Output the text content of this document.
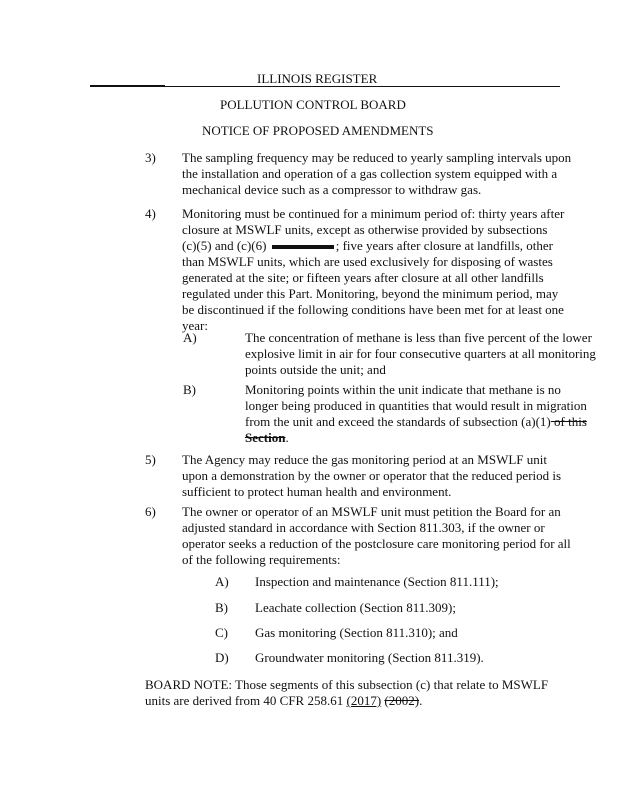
ILLINOIS REGISTER
POLLUTION CONTROL BOARD
NOTICE OF PROPOSED AMENDMENTS
3) The sampling frequency may be reduced to yearly sampling intervals upon
the installation and operation of a gas collection system equipped with a
mechanical device such as a compressor to withdraw gas.
4) Monitoring must be continued for a minimum period of: thirty years after
closure at MSWLF units, except as otherwise provided by subsections
(c)(5) and (c)(6)	; five years after closure at landfills, other
than MSWLF units, which are used exclusively for disposing of wastes
generated at the site; or fifteen years after closure at all other landfills
regulated under this Part. Monitoring, beyond the minimum period, may
be discontinued if the following conditions have been met for at least one
year:
A)	The concentration of methane is less than five percent of the lower
explosive limit in air for four consecutive quarters at all monitoring
points outside the unit; and
B)	Monitoring points within the unit indicate that methane is no
longer being produced in quantities that would result in migration
from the unit and exceed the standards of subsection (a)(1) of this
Section.
5) The Agency may reduce the gas monitoring period at an MSWLF unit
upon a demonstration by the owner or operator that the reduced period is
sufficient to protect human health and environment.
6) The owner or operator of an MSWLF unit must petition the Board for an
adjusted standard in accordance with Section 811.303, if the owner or
operator seeks a reduction of the postclosure care monitoring period for all
of the following requirements:
A) Inspection and maintenance (Section 811.111);
B) Leachate collection (Section 811.309);
C) Gas monitoring (Section 811.310); and
D) Groundwater monitoring (Section 811.319).
BOARD NOTE: Those segments of this subsection (c) that relate to MSWLF
units are derived from 40 CFR 258.61 (2017) (2002).
